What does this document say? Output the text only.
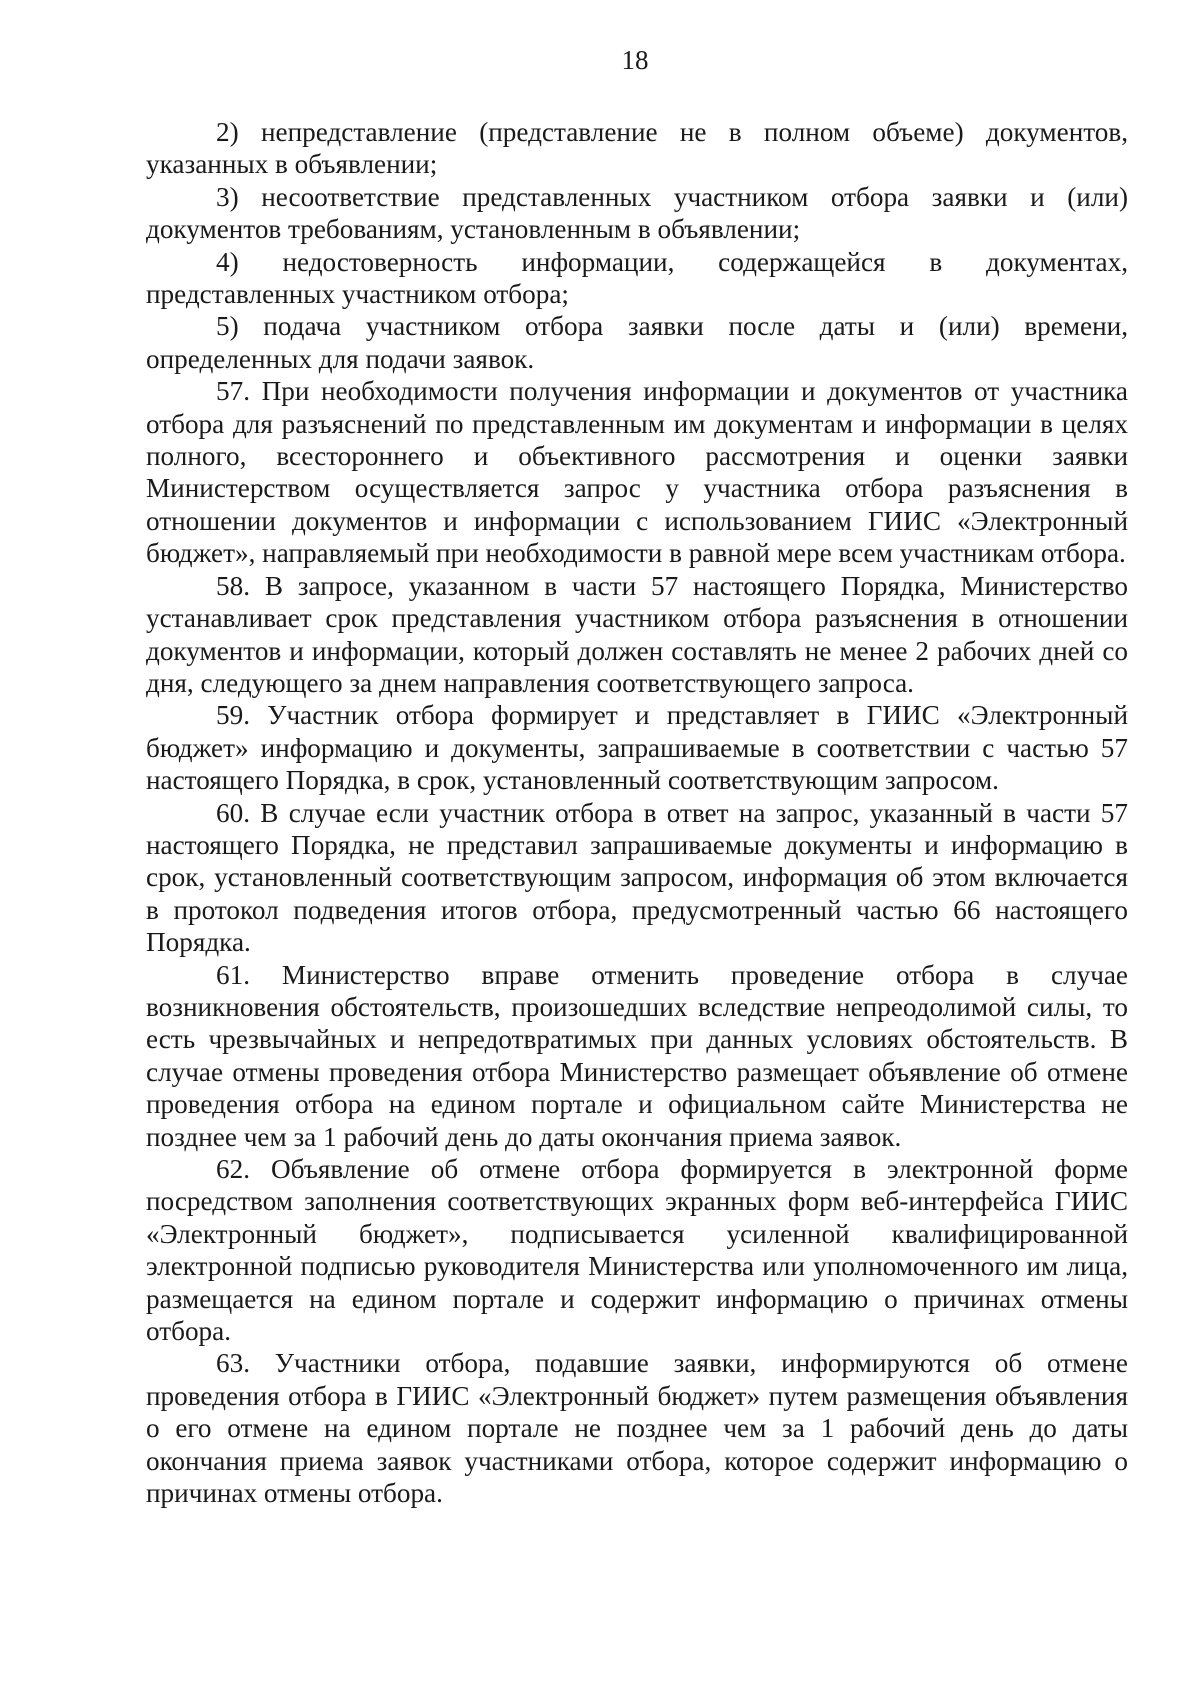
18

2) непредставление (представление не в полном объеме) документов, указанных в объявлении;

3) несоответствие представленных участником отбора заявки и (или) документов требованиям, установленным в объявлении;

4) недостоверность информации, содержащейся в документах, представленных участником отбора;

5) подача участником отбора заявки после даты и (или) времени, определенных для подачи заявок.

57. При необходимости получения информации и документов от участника отбора для разъяснений по представленным им документам и информации в целях полного, всестороннего и объективного рассмотрения и оценки заявки Министерством осуществляется запрос у участника отбора разъяснения в отношении документов и информации с использованием ГИИС «Электронный бюджет», направляемый при необходимости в равной мере всем участникам отбора.

58. В запросе, указанном в части 57 настоящего Порядка, Министерство устанавливает срок представления участником отбора разъяснения в отношении документов и информации, который должен составлять не менее 2 рабочих дней со дня, следующего за днем направления соответствующего запроса.

59. Участник отбора формирует и представляет в ГИИС «Электронный бюджет» информацию и документы, запрашиваемые в соответствии с частью 57 настоящего Порядка, в срок, установленный соответствующим запросом.

60. В случае если участник отбора в ответ на запрос, указанный в части 57 настоящего Порядка, не представил запрашиваемые документы и информацию в срок, установленный соответствующим запросом, информация об этом включается в протокол подведения итогов отбора, предусмотренный частью 66 настоящего Порядка.

61. Министерство вправе отменить проведение отбора в случае возникновения обстоятельств, произошедших вследствие непреодолимой силы, то есть чрезвычайных и непредотвратимых при данных условиях обстоятельств. В случае отмены проведения отбора Министерство размещает объявление об отмене проведения отбора на едином портале и официальном сайте Министерства не позднее чем за 1 рабочий день до даты окончания приема заявок.

62. Объявление об отмене отбора формируется в электронной форме посредством заполнения соответствующих экранных форм веб-интерфейса ГИИС «Электронный бюджет», подписывается усиленной квалифицированной электронной подписью руководителя Министерства или уполномоченного им лица, размещается на едином портале и содержит информацию о причинах отмены отбора.

63. Участники отбора, подавшие заявки, информируются об отмене проведения отбора в ГИИС «Электронный бюджет» путем размещения объявления о его отмене на едином портале не позднее чем за 1 рабочий день до даты окончания приема заявок участниками отбора, которое содержит информацию о причинах отмены отбора.
